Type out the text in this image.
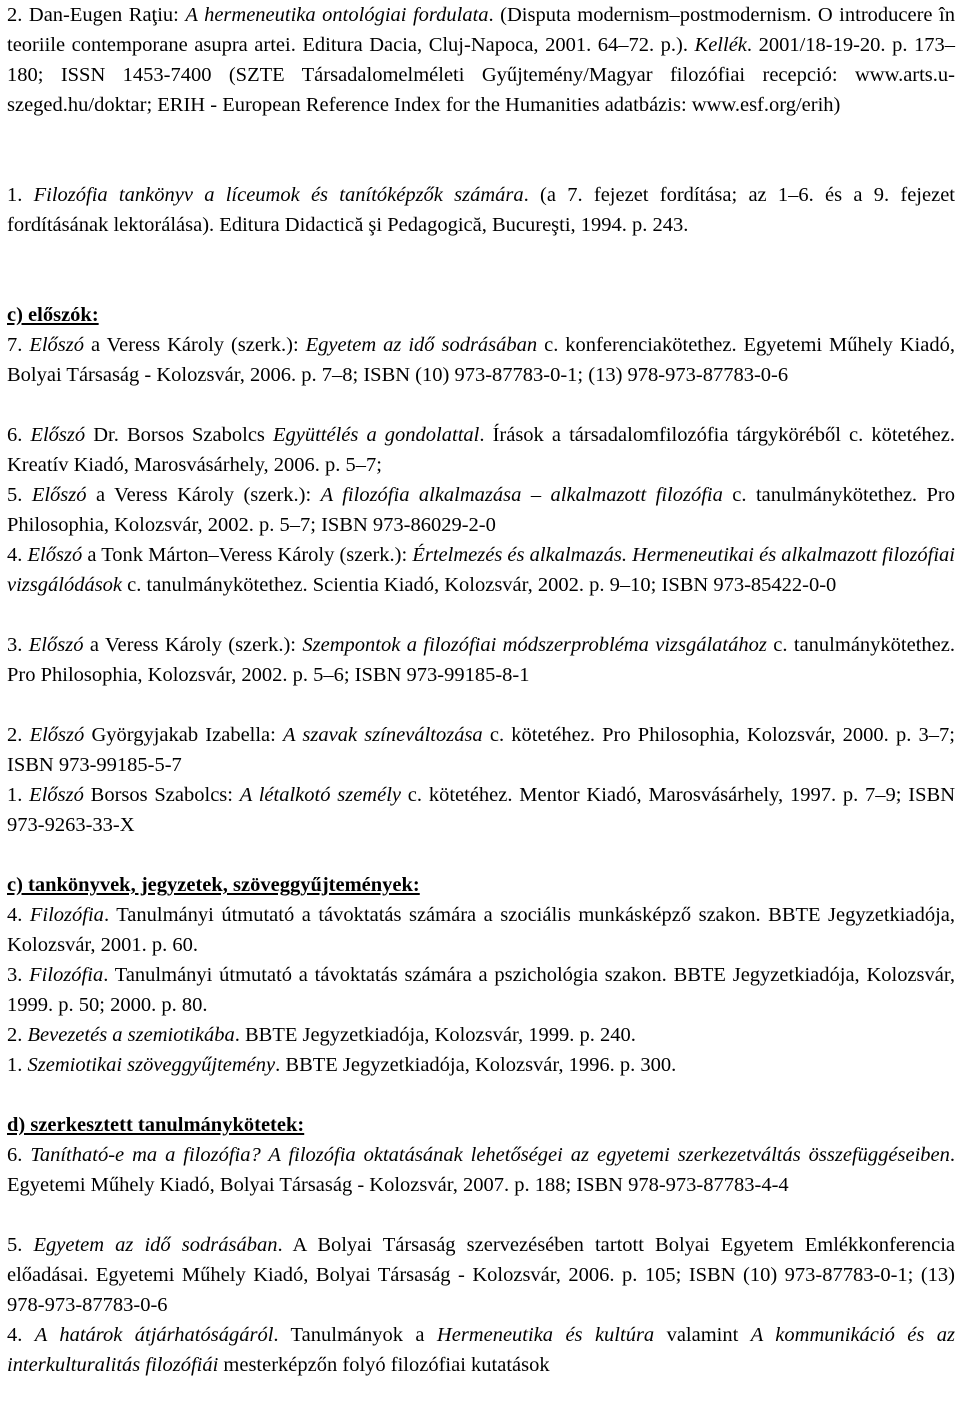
2. Dan-Eugen Raţiu: A hermeneutika ontológiai fordulata. (Disputa modernism–postmodernism. O introducere în teoriile contemporane asupra artei. Editura Dacia, Cluj-Napoca, 2001. 64–72. p.). Kellék. 2001/18-19-20. p. 173–180; ISSN 1453-7400 (SZTE Társadalomelméleti Gyűjtemény/Magyar filozófiai recepció: www.arts.u-szeged.hu/doktar; ERIH - European Reference Index for the Humanities adatbázis: www.esf.org/erih)

1. Filozófia tankönyv a líceumok és tanítóképzők számára. (a 7. fejezet fordítása; az 1–6. és a 9. fejezet fordításának lektorálása). Editura Didactică şi Pedagogică, Bucureşti, 1994. p. 243.

c) előszók:

7. Előszó a Veress Károly (szerk.): Egyetem az idő sodrásában c. konferenciakötethez. Egyetemi Műhely Kiadó, Bolyai Társaság - Kolozsvár, 2006. p. 7–8; ISBN (10) 973-87783-0-1; (13) 978-973-87783-0-6

6. Előszó Dr. Borsos Szabolcs Együttélés a gondolattal. Írások a társadalomfilozófia tárgyköréből c. kötetéhez. Kreatív Kiadó, Marosvásárhely, 2006. p. 5–7;

5. Előszó a Veress Károly (szerk.): A filozófia alkalmazása – alkalmazott filozófia c. tanulmánykötethez. Pro Philosophia, Kolozsvár, 2002. p. 5–7; ISBN 973-86029-2-0

4. Előszó a Tonk Márton–Veress Károly (szerk.): Értelmezés és alkalmazás. Hermeneutikai és alkalmazott filozófiai vizsgálódások c. tanulmánykötethez. Scientia Kiadó, Kolozsvár, 2002. p. 9–10; ISBN 973-85422-0-0

3. Előszó a Veress Károly (szerk.): Szempontok a filozófiai módszerprobléma vizsgálatához c. tanulmánykötethez. Pro Philosophia, Kolozsvár, 2002. p. 5–6; ISBN 973-99185-8-1

2. Előszó Györgyjakab Izabella: A szavak színeváltozása c. kötetéhez. Pro Philosophia, Kolozsvár, 2000. p. 3–7; ISBN 973-99185-5-7

1. Előszó Borsos Szabolcs: A létalkotó személy c. kötetéhez. Mentor Kiadó, Marosvásárhely, 1997. p. 7–9; ISBN 973-9263-33-X

c) tankönyvek, jegyzetek, szöveggyűjtemények:

4. Filozófia. Tanulmányi útmutató a távoktatás számára a szociális munkásképző szakon. BBTE Jegyzetkiadója, Kolozsvár, 2001. p. 60.

3. Filozófia. Tanulmányi útmutató a távoktatás számára a pszichológia szakon. BBTE Jegyzetkiadója, Kolozsvár, 1999. p. 50; 2000. p. 80.

2. Bevezetés a szemiotikába. BBTE Jegyzetkiadója, Kolozsvár, 1999. p. 240.

1. Szemiotikai szöveggyűjtemény. BBTE Jegyzetkiadója, Kolozsvár, 1996. p. 300.

d) szerkesztett tanulmánykötetek:

6. Tanítható-e ma a filozófia? A filozófia oktatásának lehetőségei az egyetemi szerkezetváltás összefüggéseiben. Egyetemi Műhely Kiadó, Bolyai Társaság - Kolozsvár, 2007. p. 188; ISBN 978-973-87783-4-4

5. Egyetem az idő sodrásában. A Bolyai Társaság szervezésében tartott Bolyai Egyetem Emlékkonferencia előadásai. Egyetemi Műhely Kiadó, Bolyai Társaság - Kolozsvár, 2006. p. 105; ISBN (10) 973-87783-0-1; (13) 978-973-87783-0-6

4. A határok átjárhatóságáról. Tanulmányok a Hermeneutika és kultúra valamint A kommunikáció és az interkulturalitás filozófiái mesterképzőn folyó filozófiai kutatások
